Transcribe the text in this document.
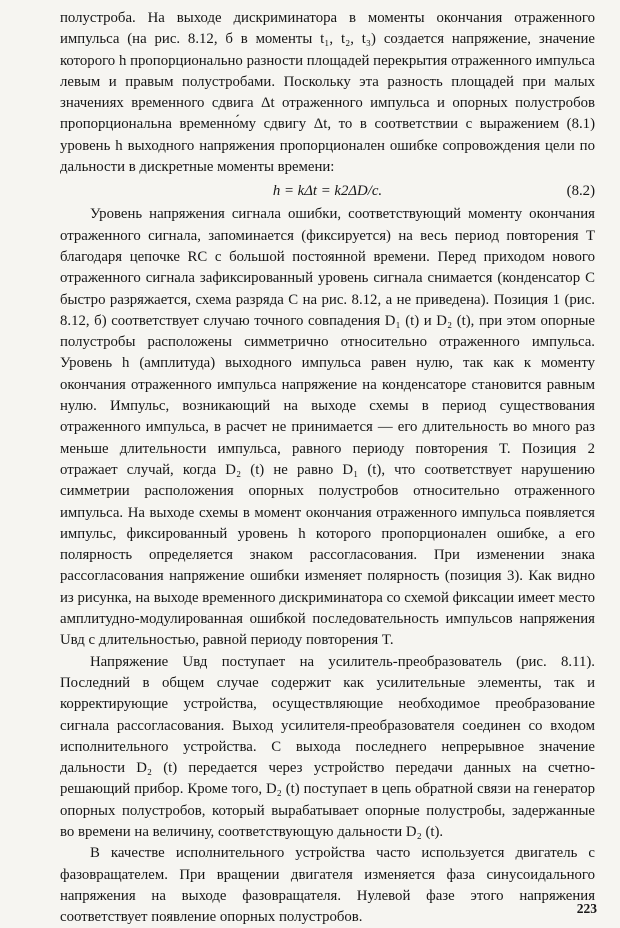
полустроба. На выходе дискриминатора в моменты окончания отраженного импульса (на рис. 8.12, б в моменты t₁, t₂, t₃) создается напряжение, значение которого h пропорционально разности площадей перекрытия отраженного импульса левым и правым полустробами. Поскольку эта разность площадей при малых значениях временного сдвига Δt отраженного импульса и опорных полустробов пропорциональна временно́му сдвигу Δt, то в соответствии с выражением (8.1) уровень h выходного напряжения пропорционален ошибке сопровождения цели по дальности в дискретные моменты времени:

h = kΔt = k2ΔD/c.	(8.2)

Уровень напряжения сигнала ошибки, соответствующий моменту окончания отраженного сигнала, запоминается (фиксируется) на весь период повторения T благодаря цепочке RC с большой постоянной времени. Перед приходом нового отраженного сигнала зафиксированный уровень сигнала снимается (конденсатор C быстро разряжается, схема разряда C на рис. 8.12, а не приведена). Позиция 1 (рис. 8.12, б) соответствует случаю точного совпадения D₁ (t) и D₂ (t), при этом опорные полустробы расположены симметрично относительно отраженного импульса. Уровень h (амплитуда) выходного импульса равен нулю, так как к моменту окончания отраженного импульса напряжение на конденсаторе становится равным нулю. Импульс, возникающий на выходе схемы в период существования отраженного импульса, в расчет не принимается — его длительность во много раз меньше длительности импульса, равного периоду повторения T. Позиция 2 отражает случай, когда D₂ (t) не равно D₁ (t), что соответствует нарушению симметрии расположения опорных полустробов относительно отраженного импульса. На выходе схемы в момент окончания отраженного импульса появляется импульс, фиксированный уровень h которого пропорционален ошибке, а его полярность определяется знаком рассогласования. При изменении знака рассогласования напряжение ошибки изменяет полярность (позиция 3). Как видно из рисунка, на выходе временного дискриминатора со схемой фиксации имеет место амплитудно-модулированная ошибкой последовательность импульсов напряжения Uвд с длительностью, равной периоду повторения T.

Напряжение Uвд поступает на усилитель-преобразователь (рис. 8.11). Последний в общем случае содержит как усилительные элементы, так и корректирующие устройства, осуществляющие необходимое преобразование сигнала рассогласования. Выход усилителя-преобразователя соединен со входом исполнительного устройства. С выхода последнего непрерывное значение дальности D₂ (t) передается через устройство передачи данных на счетно-решающий прибор. Кроме того, D₂ (t) поступает в цепь обратной связи на генератор опорных полустробов, который вырабатывает опорные полустробы, задержанные во времени на величину, соответствующую дальности D₂ (t).

В качестве исполнительного устройства часто используется двигатель с фазовращателем. При вращении двигателя изменяется фаза синусоидального напряжения на выходе фазовращателя. Нулевой фазе этого напряжения соответствует появление опорных полустробов.

223
